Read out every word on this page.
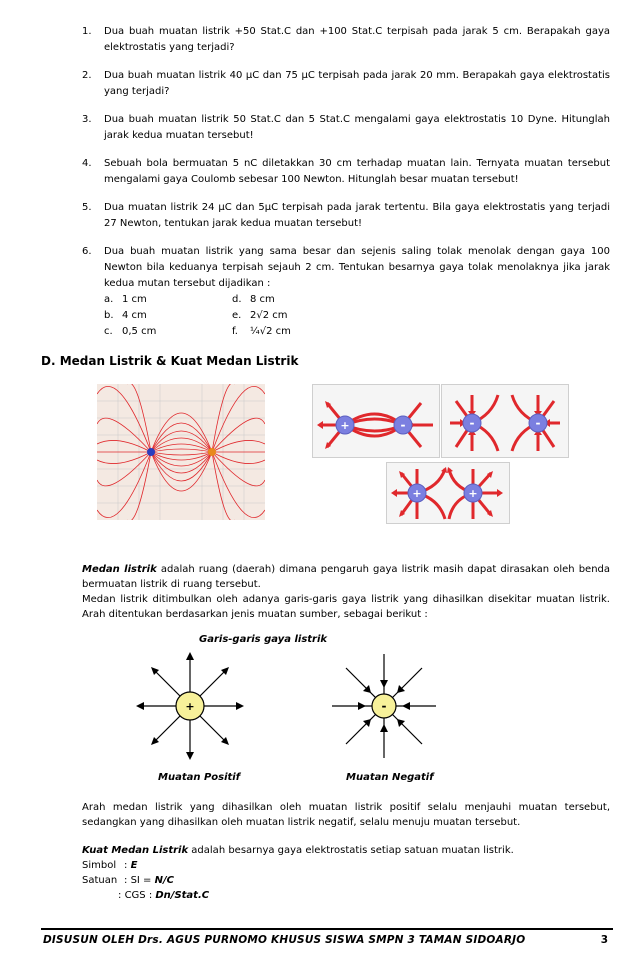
1. Dua buah muatan listrik +50 Stat.C dan +100 Stat.C terpisah pada jarak 5 cm. Berapakah gaya elektrostatis yang terjadi?
2. Dua buah muatan listrik 40 µC dan 75 µC terpisah pada jarak 20 mm. Berapakah gaya elektrostatis yang terjadi?
3. Dua buah muatan listrik 50 Stat.C dan 5 Stat.C mengalami gaya elektrostatis 10 Dyne. Hitunglah jarak kedua muatan tersebut!
4. Sebuah bola bermuatan 5 nC diletakkan 30 cm terhadap muatan lain. Ternyata muatan tersebut mengalami gaya Coulomb sebesar 100 Newton. Hitunglah besar muatan tersebut!
5. Dua muatan listrik 24 µC dan 5µC terpisah pada jarak tertentu. Bila gaya elektrostatis yang terjadi 27 Newton, tentukan jarak kedua muatan tersebut!
6. Dua buah muatan listrik yang sama besar dan sejenis saling tolak menolak dengan gaya 100 Newton bila keduanya terpisah sejauh 2 cm. Tentukan besarnya gaya tolak menolaknya jika jarak kedua mutan tersebut dijadikan :
a. 1 cm	d. 8 cm
b. 4 cm	e. 2√2 cm
c. 0,5 cm	f. ¼√2 cm
D. Medan Listrik & Kuat Medan Listrik
+	-	-	-
+	+
Medan listrik adalah ruang (daerah) dimana pengaruh gaya listrik masih dapat dirasakan oleh benda bermuatan listrik di ruang tersebut.
Medan listrik ditimbulkan oleh adanya garis-garis gaya listrik yang dihasilkan disekitar muatan listrik. Arah ditentukan berdasarkan jenis muatan sumber, sebagai berikut :
Garis-garis gaya listrik
+	-
Muatan Positif	Muatan Negatif
Arah medan listrik yang dihasilkan oleh muatan listrik positif selalu menjauhi muatan tersebut, sedangkan yang dihasilkan oleh muatan listrik negatif, selalu menuju muatan tersebut.
Kuat Medan Listrik adalah besarnya gaya elektrostatis setiap satuan muatan listrik.
Simbol : E
Satuan : SI = N/C
: CGS : Dn/Stat.C
DISUSUN OLEH Drs. AGUS PURNOMO KHUSUS SISWA SMPN 3 TAMAN SIDOARJO	3
